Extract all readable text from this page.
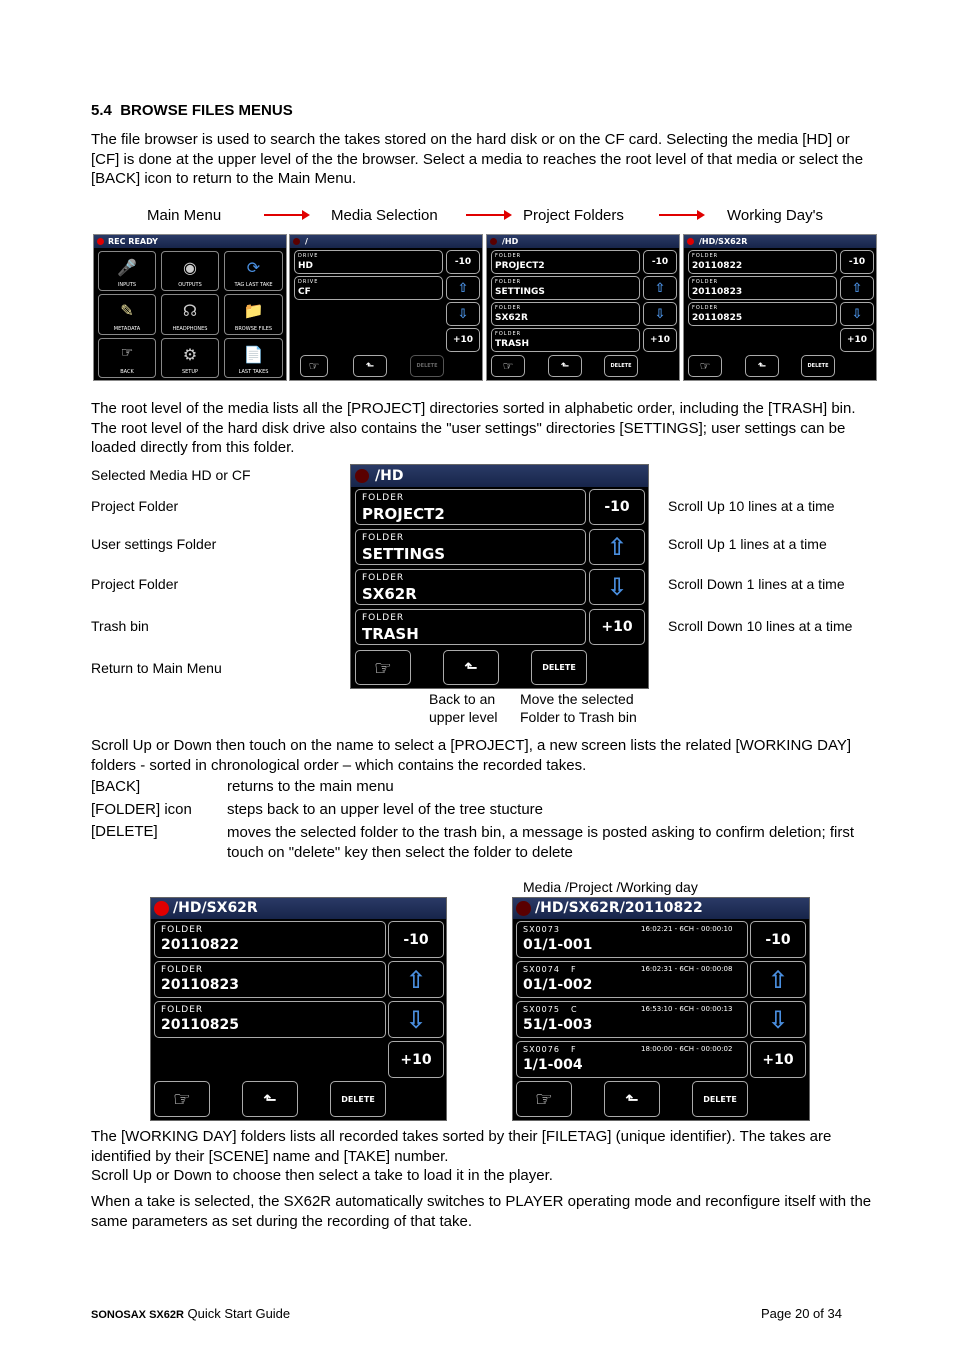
5.4 BROWSE FILES MENUS
The file browser is used to search the takes stored on the hard disk or on the CF card. Selecting the media [HD] or [CF] is done at the upper level of the the browser. Select a media to reaches the root level of that media or select the [BACK] icon to return to the Main Menu.
Main Menu	Media Selection	Project Folders	Working Day's
REC READY
🎤
INPUTS
◉
OUTPUTS
⟳
TAG LAST TAKE
✎
METADATA
☊
HEADPHONES
📁
BROWSE FILES
☞
BACK
⚙
SETUP
📄
LAST TAKES
/
DRIVE
HD
DRIVE
CF
-10
⇧
⇩
+10
☞	⬑	DELETE
/HD
FOLDER
PROJECT2
FOLDER
SETTINGS
FOLDER
SX62R
FOLDER
TRASH
-10
⇧
⇩
+10
☞	⬑	DELETE
/HD/SX62R
FOLDER
20110822
FOLDER
20110823
FOLDER
20110825
-10
⇧
⇩
+10
☞	⬑	DELETE
The root level of the media lists all the [PROJECT] directories sorted in alphabetic order, including the [TRASH] bin. The root level of the hard disk drive also contains the "user settings" directories [SETTINGS]; user settings can be loaded directly from this folder.
Selected Media HD or CF
Project Folder
User settings Folder
Project Folder
Trash bin
Return to Main Menu
Scroll Up 10 lines at a time
Scroll Up 1 lines at a time
Scroll Down 1 lines at a time
Scroll Down 10 lines at a time
/HD
FOLDER
PROJECT2
FOLDER
SETTINGS
FOLDER
SX62R
FOLDER
TRASH
-10
⇧
⇩
+10
☞	⬑	DELETE
Back to an
upper level
Move the selected
Folder to Trash bin
Scroll Up or Down then touch on the name to select a [PROJECT], a new screen lists the related [WORKING DAY] folders - sorted in chronological order – which contains the recorded takes.
[BACK]	returns to the main menu
[FOLDER] icon steps back to an upper level of the tree stucture
[DELETE]	moves the selected folder to the trash bin, a message is posted asking to confirm deletion; first touch on "delete" key then select the folder to delete
Media /Project /Working day
/HD/SX62R
FOLDER
20110822
FOLDER
20110823
FOLDER
20110825
-10
⇧
⇩
+10
☞	⬑	DELETE
/HD/SX62R/20110822
SX0073	16:02:21 - 6CH - 00:00:10
01/1-001
SX0074 F	16:02:31 - 6CH - 00:00:08
01/1-002
SX0075 C	16:53:10 - 6CH - 00:00:13
51/1-003
SX0076 F	18:00:00 - 6CH - 00:00:02
1/1-004
-10
⇧
⇩
+10
☞	⬑	DELETE
The [WORKING DAY] folders lists all recorded takes sorted by their [FILETAG] (unique identifier). The takes are identified by their [SCENE] name and [TAKE] number.
Scroll Up or Down to choose then select a take to load it in the player.
When a take is selected, the SX62R automatically switches to PLAYER operating mode and reconfigure itself with the same parameters as set during the recording of that take.
SONOSAX SX62R Quick Start Guide	Page 20 of 34
